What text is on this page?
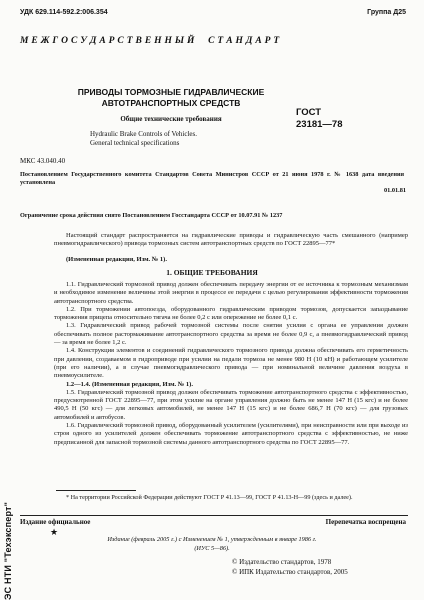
ЭС НТИ "Техэксперт"
УДК 629.114-592.2:006.354	Группа Д25
М Е Ж Г О С У Д А Р С Т В Е Н Н Ы Й     С Т А Н Д А Р Т
ПРИВОДЫ ТОРМОЗНЫЕ ГИДРАВЛИЧЕСКИЕ
АВТОТРАНСПОРТНЫХ СРЕДСТВ
Общие технические требования
Hydraulic Brake Controls of Vehicles.
General technical specifications
ГОСТ
23181—78
МКС 43.040.40
Постановлением Государственного комитета Стандартов Совета Министров СССР от 21 июня 1978 г. № 1638 дата введения установлена
01.01.81
Ограничение срока действия снято Постановлением Госстандарта СССР от 10.07.91 № 1237

Настоящий стандарт распространяется на гидравлические приводы и гидравлическую часть смешанного (например пневмогидравлического) привода тормозных систем автотранспортных средств по ГОСТ 22895—77*

(Измененная редакция, Изм. № 1).
1. ОБЩИЕ ТРЕБОВАНИЯ

1.1. Гидравлический тормозной привод должен обеспечивать передачу энергии от ее источника к тормозным механизмам и необходимое изменение величины этой энергии в процессе ее передачи с целью регулирования эффективности торможения автотранспортного средства.

1.2. При торможении автопоезда, оборудованного гидравлическим приводом тормозов, допускается запаздывание торможения прицепа относительно тягача не более 0,2 с или опережение не более 0,1 с.

1.3. Гидравлический привод рабочей тормозной системы после снятия усилия с органа ее управления должен обеспечивать полное растормаживание автотранспортного средства за время не более 0,9 с, а пневмогидравлический привод — за время не более 1,2 с.

1.4. Конструкция элементов и соединений гидравлического тормозного привода должна обеспечивать его герметичность при давлении, создаваемом в гидроприводе при усилии на педали тормоза не менее 980 Н (10 кН) и работающем усилителе (при его наличии), а в случае пневмогидравлического привода — при номинальной величине давления воздуха в пневмоусилителе.

1.2—1.4. (Измененная редакция, Изм. № 1).

1.5. Гидравлический тормозной привод должен обеспечивать торможение автотранспортного средства с эффективностью, предусмотренной ГОСТ 22895—77, при этом усилие на органе управления должно быть не менее 147 Н (15 кгс) и не более 490,5 Н (50 кгс) — для легковых автомобилей, не менее 147 Н (15 кгс) и не более 686,7 Н (70 кгс) — для грузовых автомобилей и автобусов.

1.6. Гидравлический тормозной привод, оборудованный усилителем (усилителями), при неисправности или при выходе из строя одного из усилителей должен обеспечивать торможение автотранспортного средства с эффективностью, не ниже предписанной для запасной тормозной системы данного автотранспортного средства по ГОСТ 22895—77.

* На территории Российской Федерации действуют ГОСТ Р 41.13—99, ГОСТ Р 41.13-Н—99 (здесь и далее).

Издание официальное	Перепечатка воспрещена
★
Издание (февраль 2005 г.) с Изменением № 1, утвержденным в январе 1986 г.
(ИУС 5—86).
© Издательство стандартов, 1978
© ИПК Издательство стандартов, 2005
